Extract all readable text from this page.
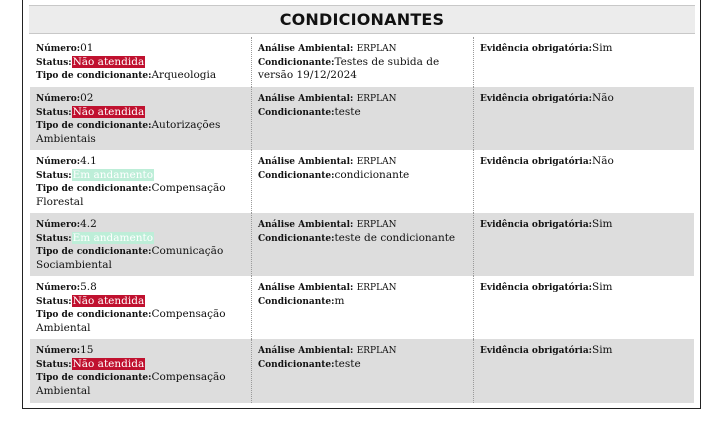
CONDICIONANTES
Número:01
Status:Não atendida
Tipo de condicionante:Arqueologia
Análise Ambiental: ERPLAN
Condicionante:Testes de subida de versão 19/12/2024
Evidência obrigatória:Sim
Número:02
Status:Não atendida
Tipo de condicionante:Autorizações Ambientais
Análise Ambiental: ERPLAN
Condicionante:teste
Evidência obrigatória:Não
Número:4.1
Status:Em andamento
Tipo de condicionante:Compensação Florestal
Análise Ambiental: ERPLAN
Condicionante:condicionante
Evidência obrigatória:Não
Número:4.2
Status:Em andamento
Tipo de condicionante:Comunicação Sociambiental
Análise Ambiental: ERPLAN
Condicionante:teste de condicionante
Evidência obrigatória:Sim
Número:5.8
Status:Não atendida
Tipo de condicionante:Compensação Ambiental
Análise Ambiental: ERPLAN
Condicionante:m
Evidência obrigatória:Sim
Número:15
Status:Não atendida
Tipo de condicionante:Compensação Ambiental
Análise Ambiental: ERPLAN
Condicionante:teste
Evidência obrigatória:Sim
